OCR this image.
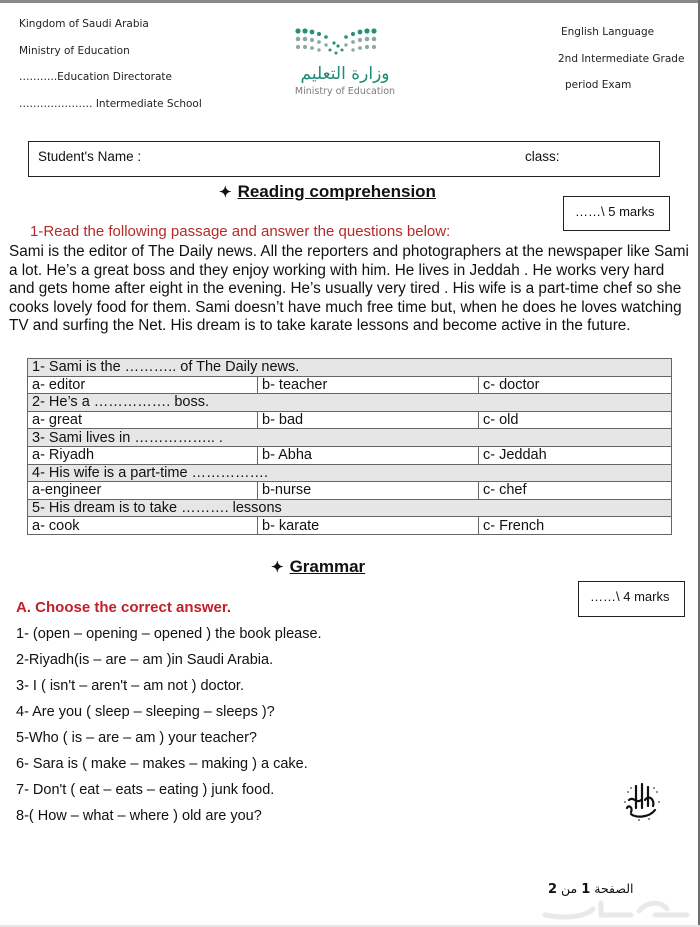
Kingdom of Saudi Arabia
Ministry of Education
………..Education Directorate
………………… Intermediate School
وزارة التعليم
Ministry of Education
English Language
2nd Intermediate Grade
period Exam
Student's Name :	class:
✦ Reading comprehension
……\ 5 marks
1-Read the following passage and answer the questions below:
Sami is the editor of The Daily news. All the reporters and photographers at the newspaper like Sami a lot. He’s a great boss and they enjoy working with him. He lives in Jeddah . He works very hard and gets home after eight in the evening. He’s usually very tired . His wife is a part-time chef so she cooks lovely food for them. Sami doesn’t have much free time but, when he does he loves watching TV and surfing the Net. His dream is to take karate lessons and become active in the future.
1- Sami is the ……….. of The Daily news.		
a- editor	b- teacher	c- doctor
2- He’s a ……………. boss.		
a- great	b- bad	c- old
3- Sami lives in …………….. .		
a- Riyadh	b- Abha	c- Jeddah
4- His wife is a part-time …………….		
a-engineer	b-nurse	c- chef
5- His dream is to take ………. lessons		
a- cook	b- karate	c- French
✦ Grammar
……\ 4 marks
A. Choose the correct answer.
1- (open – opening – opened ) the book please.
2-Riyadh(is – are – am )in Saudi Arabia.
3- I ( isn't – aren't – am not ) doctor.
4- Are you ( sleep – sleeping – sleeps )?
5-Who ( is – are – am ) your teacher?
6- Sara is ( make – makes – making ) a cake.
7- Don't ( eat – eats – eating ) junk food.
8-( How – what – where ) old are you?
الصفحة 1 من 2
